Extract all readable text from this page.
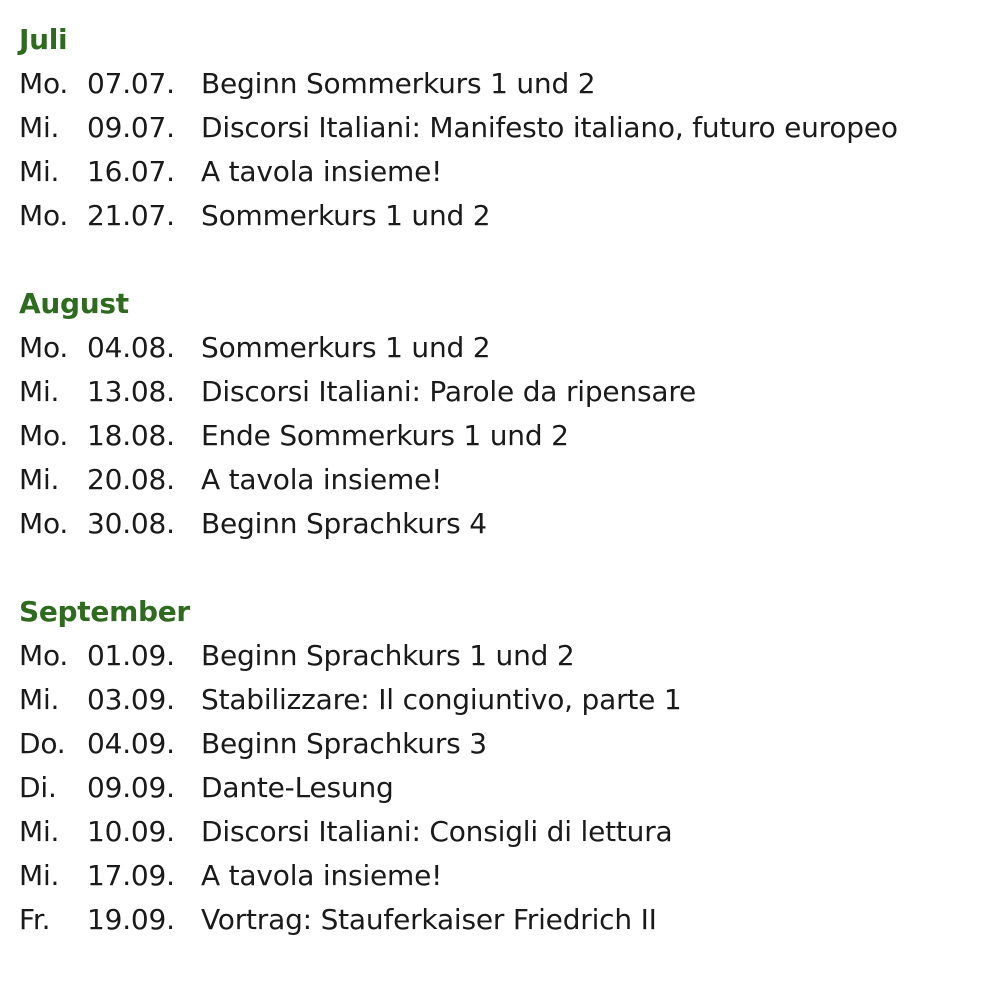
Juli
Mo. 07.07. Beginn Sommerkurs 1 und 2
Mi. 09.07. Discorsi Italiani: Manifesto italiano, futuro europeo
Mi. 16.07. A tavola insieme!
Mo. 21.07. Sommerkurs 1 und 2
August
Mo. 04.08. Sommerkurs 1 und 2
Mi. 13.08. Discorsi Italiani: Parole da ripensare
Mo. 18.08. Ende Sommerkurs 1 und 2
Mi. 20.08. A tavola insieme!
Mo. 30.08. Beginn Sprachkurs 4
September
Mo. 01.09. Beginn Sprachkurs 1 und 2
Mi. 03.09. Stabilizzare: Il congiuntivo, parte 1
Do. 04.09. Beginn Sprachkurs 3
Di.	09.09. Dante-Lesung
Mi. 10.09. Discorsi Italiani: Consigli di lettura
Mi. 17.09. A tavola insieme!
Fr.	19.09. Vortrag: Stauferkaiser Friedrich II
